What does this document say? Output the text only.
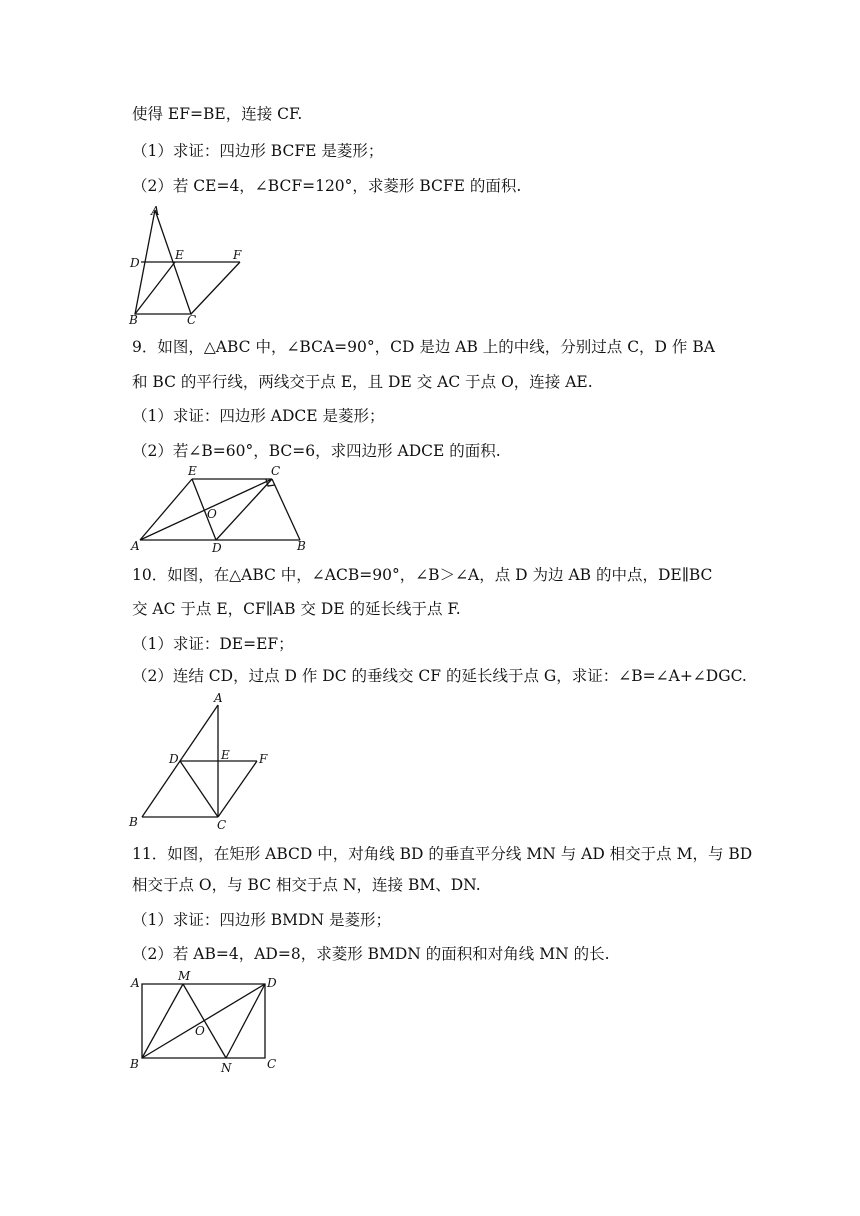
使得 EF=BE，连接 CF.
（1）求证：四边形 BCFE 是菱形；
（2）若 CE=4，∠BCF=120°，求菱形 BCFE 的面积.
A
D
E	F
B	C
9．如图，△ABC 中，∠BCA=90°，CD 是边 AB 上的中线，分别过点 C，D 作 BA
和 BC 的平行线，两线交于点 E，且 DE 交 AC 于点 O，连接 AE.
（1）求证：四边形 ADCE 是菱形；
（2）若∠B=60°，BC=6，求四边形 ADCE 的面积.
E	C
O
A	D	B
10．如图，在△ABC 中，∠ACB=90°，∠B＞∠A，点 D 为边 AB 的中点，DE∥BC
交 AC 于点 E，CF∥AB 交 DE 的延长线于点 F.
（1）求证：DE=EF；
（2）连结 CD，过点 D 作 DC 的垂线交 CF 的延长线于点 G，求证：∠B=∠A+∠DGC.
A
D	E F
B	C
11．如图，在矩形 ABCD 中，对角线 BD 的垂直平分线 MN 与 AD 相交于点 M，与 BD
相交于点 O，与 BC 相交于点 N，连接 BM、DN.
（1）求证：四边形 BMDN 是菱形；
（2）若 AB=4，AD=8，求菱形 BMDN 的面积和对角线 MN 的长.
A	M	D
O
B	N	C
